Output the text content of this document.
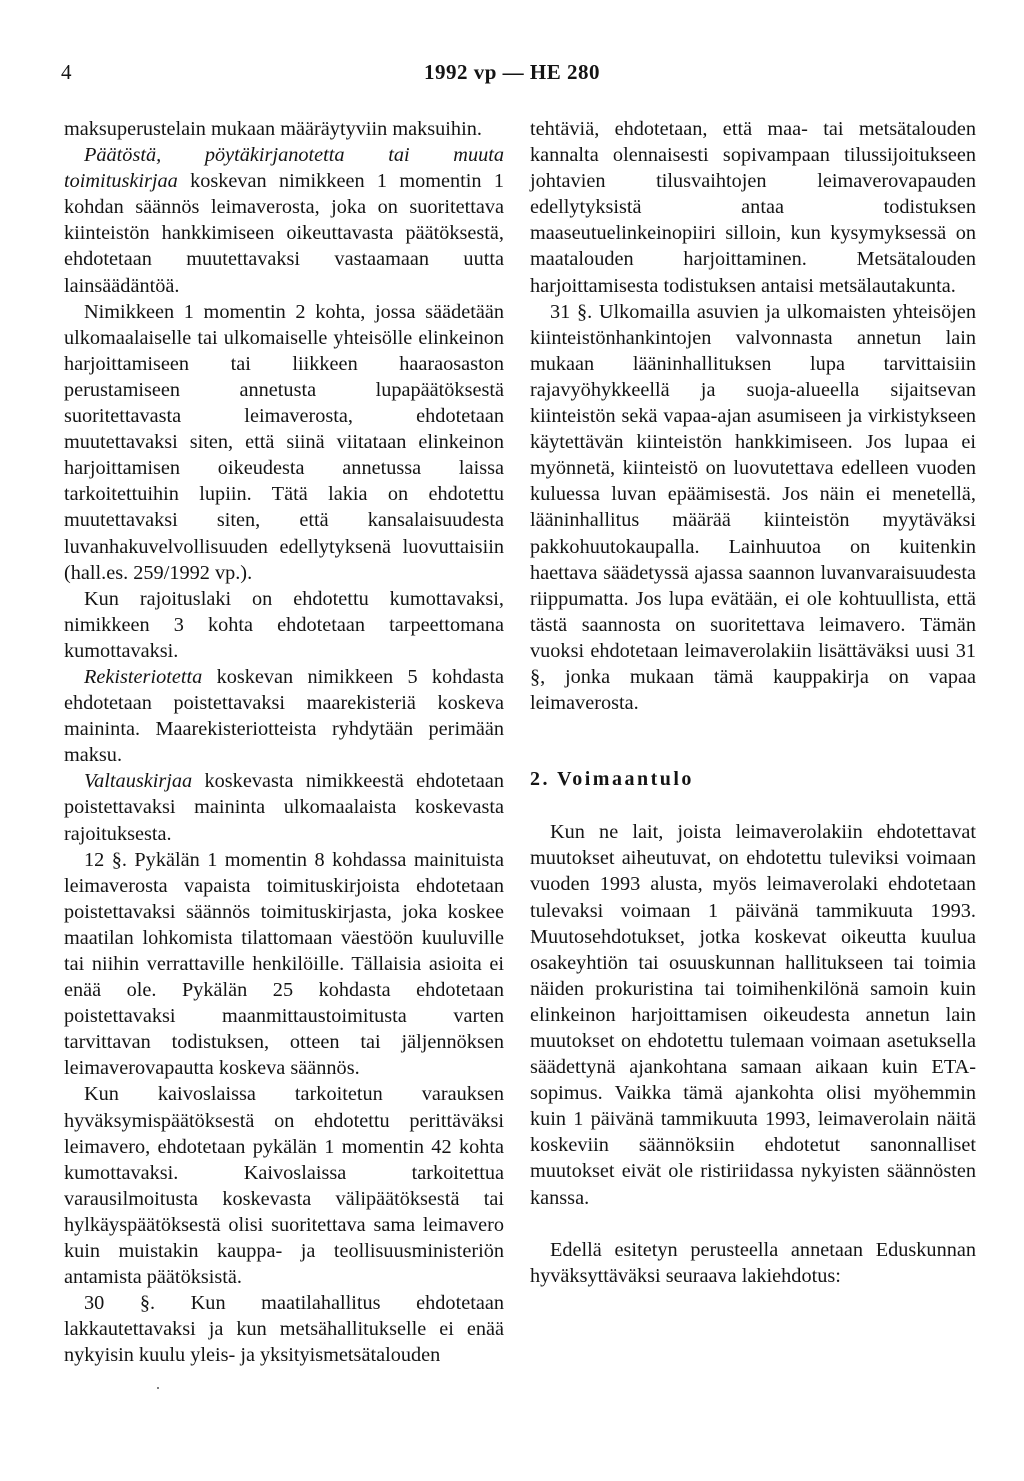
4	1992 vp — HE 280

maksuperustelain mukaan määräytyviin maksuihin.

Päätöstä, pöytäkirjanotetta tai muuta toimituskirjaa koskevan nimikkeen 1 momentin 1 kohdan säännös leimaverosta, joka on suoritettava kiinteistön hankkimiseen oikeuttavasta päätöksestä, ehdotetaan muutettavaksi vastaamaan uutta lainsäädäntöä.

Nimikkeen 1 momentin 2 kohta, jossa säädetään ulkomaalaiselle tai ulkomaiselle yhteisölle elinkeinon harjoittamiseen tai liikkeen haaraosaston perustamiseen annetusta lupapäätöksestä suoritettavasta leimaverosta, ehdotetaan muutettavaksi siten, että siinä viitataan elinkeinon harjoittamisen oikeudesta annetussa laissa tarkoitettuihin lupiin. Tätä lakia on ehdotettu muutettavaksi siten, että kansalaisuudesta luvanhakuvelvollisuuden edellytyksenä luovuttaisiin (hall.es. 259/1992 vp.).

Kun rajoituslaki on ehdotettu kumottavaksi, nimikkeen 3 kohta ehdotetaan tarpeettomana kumottavaksi.

Rekisteriotetta koskevan nimikkeen 5 kohdasta ehdotetaan poistettavaksi maarekisteriä koskeva maininta. Maarekisteriotteista ryhdytään perimään maksu.

Valtauskirjaa koskevasta nimikkeestä ehdotetaan poistettavaksi maininta ulkomaalaista koskevasta rajoituksesta.

12 §. Pykälän 1 momentin 8 kohdassa mainituista leimaverosta vapaista toimituskirjoista ehdotetaan poistettavaksi säännös toimituskirjasta, joka koskee maatilan lohkomista tilattomaan väestöön kuuluville tai niihin verrattaville henkilöille. Tällaisia asioita ei enää ole. Pykälän 25 kohdasta ehdotetaan poistettavaksi maanmittaustoimitusta varten tarvittavan todistuksen, otteen tai jäljennöksen leimaverovapautta koskeva säännös.

Kun kaivoslaissa tarkoitetun varauksen hyväksymispäätöksestä on ehdotettu perittäväksi leimavero, ehdotetaan pykälän 1 momentin 42 kohta kumottavaksi. Kaivoslaissa tarkoitettua varausilmoitusta koskevasta välipäätöksestä tai hylkäyspäätöksestä olisi suoritettava sama leimavero kuin muistakin kauppa- ja teollisuusministeriön antamista päätöksistä.

30 §. Kun maatilahallitus ehdotetaan lakkautettavaksi ja kun metsähallitukselle ei enää nykyisin kuulu yleis- ja yksityismetsätalouden

tehtäviä, ehdotetaan, että maa- tai metsätalouden kannalta olennaisesti sopivampaan tilussijoitukseen johtavien tilusvaihtojen leimaverovapauden edellytyksistä antaa todistuksen maaseutuelinkeinopiiri silloin, kun kysymyksessä on maatalouden harjoittaminen. Metsätalouden harjoittamisesta todistuksen antaisi metsälautakunta.

31 §. Ulkomailla asuvien ja ulkomaisten yhteisöjen kiinteistönhankintojen valvonnasta annetun lain mukaan lääninhallituksen lupa tarvittaisiin rajavyöhykkeellä ja suoja-alueella sijaitsevan kiinteistön sekä vapaa-ajan asumiseen ja virkistykseen käytettävän kiinteistön hankkimiseen. Jos lupaa ei myönnetä, kiinteistö on luovutettava edelleen vuoden kuluessa luvan epäämisestä. Jos näin ei menetellä, lääninhallitus määrää kiinteistön myytäväksi pakkohuutokaupalla. Lainhuutoa on kuitenkin haettava säädetyssä ajassa saannon luvanvaraisuudesta riippumatta. Jos lupa evätään, ei ole kohtuullista, että tästä saannosta on suoritettava leimavero. Tämän vuoksi ehdotetaan leimaverolakiin lisättäväksi uusi 31 §, jonka mukaan tämä kauppakirja on vapaa leimaverosta.

2. Voimaantulo

Kun ne lait, joista leimaverolakiin ehdotettavat muutokset aiheutuvat, on ehdotettu tuleviksi voimaan vuoden 1993 alusta, myös leimaverolaki ehdotetaan tulevaksi voimaan 1 päivänä tammikuuta 1993. Muutosehdotukset, jotka koskevat oikeutta kuulua osakeyhtiön tai osuuskunnan hallitukseen tai toimia näiden prokuristina tai toimihenkilönä samoin kuin elinkeinon harjoittamisen oikeudesta annetun lain muutokset on ehdotettu tulemaan voimaan asetuksella säädettynä ajankohtana samaan aikaan kuin ETA-sopimus. Vaikka tämä ajankohta olisi myöhemmin kuin 1 päivänä tammikuuta 1993, leimaverolain näitä koskeviin säännöksiin ehdotetut sanonnalliset muutokset eivät ole ristiriidassa nykyisten säännösten kanssa.

Edellä esitetyn perusteella annetaan Eduskunnan hyväksyttäväksi seuraava lakiehdotus:
